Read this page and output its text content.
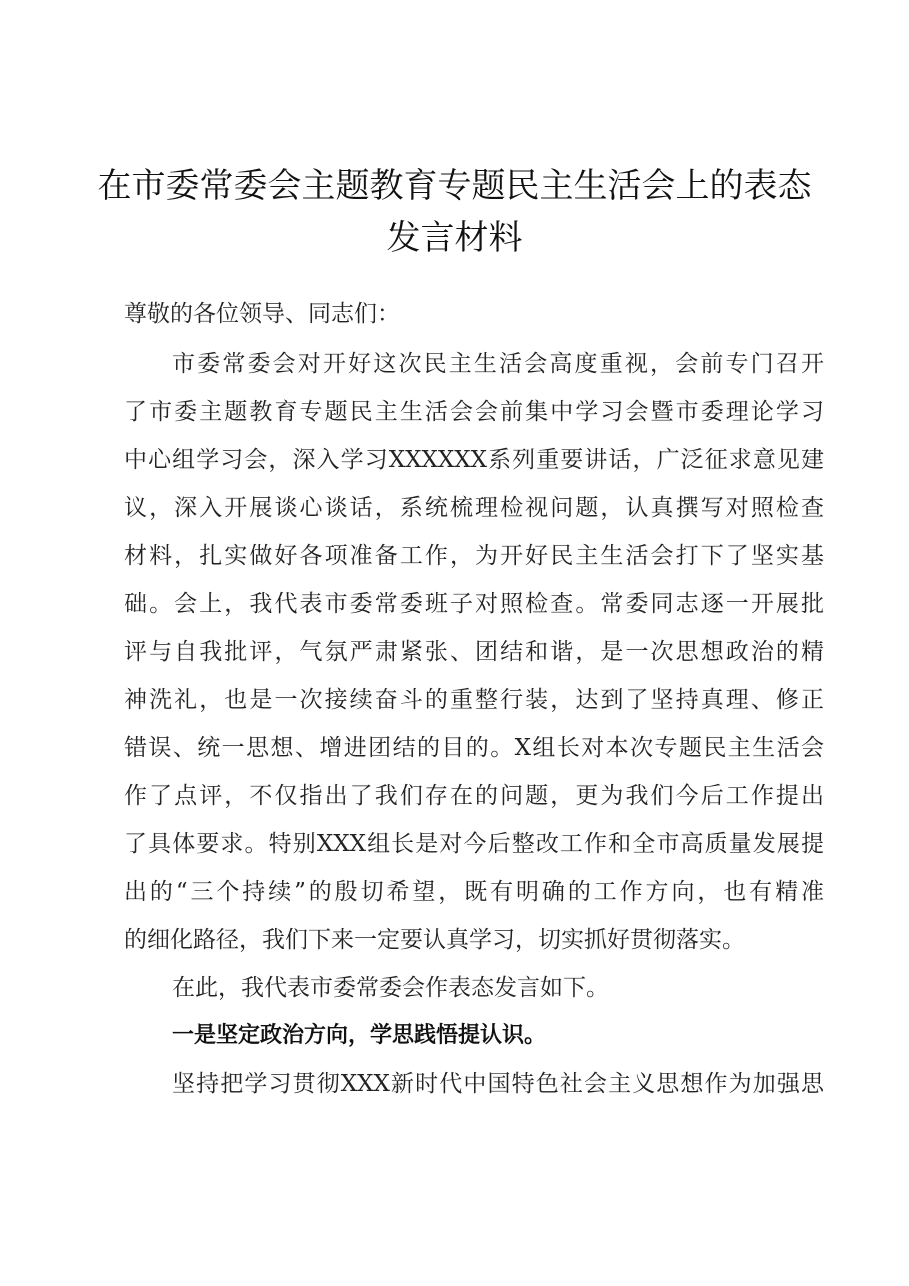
在市委常委会主题教育专题民主生活会上的表态
发言材料
尊敬的各位领导、同志们：
市委常委会对开好这次民主生活会高度重视，会前专门召开
了市委主题教育专题民主生活会会前集中学习会暨市委理论学习
中心组学习会，深入学习XXXXXX系列重要讲话，广泛征求意见建
议，深入开展谈心谈话，系统梳理检视问题，认真撰写对照检查
材料，扎实做好各项准备工作，为开好民主生活会打下了坚实基
础。会上，我代表市委常委班子对照检查。常委同志逐一开展批
评与自我批评，气氛严肃紧张、团结和谐，是一次思想政治的精
神洗礼，也是一次接续奋斗的重整行装，达到了坚持真理、修正
错误、统一思想、增进团结的目的。X组长对本次专题民主生活会
作了点评，不仅指出了我们存在的问题，更为我们今后工作提出
了具体要求。特别XXX组长是对今后整改工作和全市高质量发展提
出的“三个持续”的殷切希望，既有明确的工作方向，也有精准
的细化路径，我们下来一定要认真学习，切实抓好贯彻落实。
在此，我代表市委常委会作表态发言如下。
一是坚定政治方向，学思践悟提认识。
坚持把学习贯彻XXX新时代中国特色社会主义思想作为加强思
